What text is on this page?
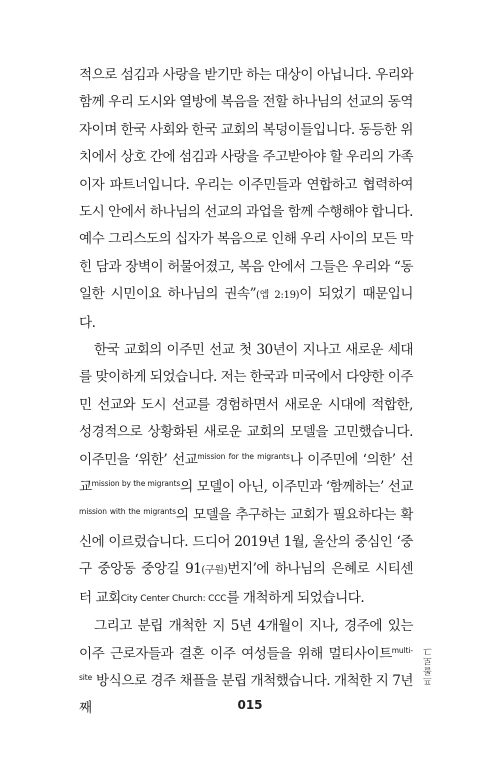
적으로 섬김과 사랑을 받기만 하는 대상이 아닙니다. 우리와 함께 우리 도시와 열방에 복음을 전할 하나님의 선교의 동역자이며 한국 사회와 한국 교회의 복덩이들입니다. 동등한 위치에서 상호 간에 섬김과 사랑을 주고받아야 할 우리의 가족이자 파트너입니다. 우리는 이주민들과 연합하고 협력하여 도시 안에서 하나님의 선교의 과업을 함께 수행해야 합니다. 예수 그리스도의 십자가 복음으로 인해 우리 사이의 모든 막힌 담과 장벽이 허물어졌고, 복음 안에서 그들은 우리와 “동일한 시민이요 하나님의 권속”(엡 2:19)이 되었기 때문입니다.

한국 교회의 이주민 선교 첫 30년이 지나고 새로운 세대를 맞이하게 되었습니다. 저는 한국과 미국에서 다양한 이주민 선교와 도시 선교를 경험하면서 새로운 시대에 적합한, 성경적으로 상황화된 새로운 교회의 모델을 고민했습니다. 이주민을 ‘위한’ 선교$^{mission for the migrants}$나 이주민에 ‘의한’ 선교$^{mission by the migrants}$의 모델이 아닌, 이주민과 ‘함께하는’ 선교$^{mission with the migrants}$의 모델을 추구하는 교회가 필요하다는 확신에 이르렀습니다. 드디어 2019년 1월, 울산의 중심인 ‘중구 중앙동 중앙길 91(구원)번지’에 하나님의 은혜로 시티센터 교회City Center Church: CCC를 개척하게 되었습니다.

그리고 분립 개척한 지 5년 4개월이 지나, 경주에 있는 이주 근로자들과 결혼 이주 여성들을 위해 멀티사이트$^{multi-site}$ 방식으로 경주 채플을 분립 개척했습니다. 개척한 지 7년째

프롤로그
015
